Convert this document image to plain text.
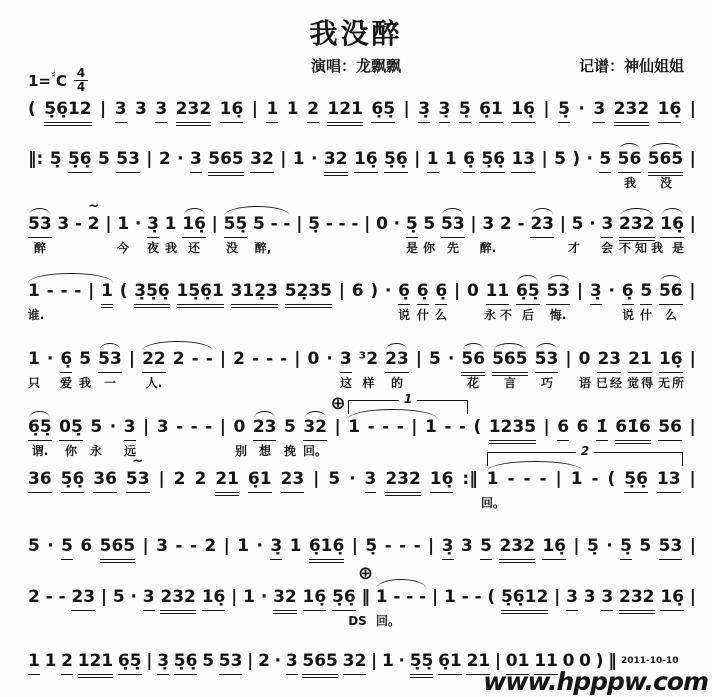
我没醉
演唱：龙飘飘	记谱：神仙姐姐
1= ♯ C $\frac{4}{4}$
2011-10-10
www.hpppw.com
( 5̣6̣12 | 3 3 3 232 16̣ | 1 1 2 121 6̣5̣ | 3̣ 3̣ 5̣ 6̣1 16̣ | 5̣ · 3 232 16̣ |
‖: 5̣ 5̣6̣ 5 53 | 2 · 3 565 32 | 1 · 32 16̣ 5̣6̣ | 1 1 6̣ 5̣6̣ 13 | 5 ) · 5 56 565 |
我 没
53 3 - ~ 2 | 1 · 3̣ 1 16̣ | 55̣ 5 - - | 5̣ - - - | 0 · 5̣ 5 53 | 3 2 - 23 | 5 · 3 232 16̣ |
醉	今 夜 我 还 没 醉,	是 你 先 醉.	才 会 不 知 我 是
1 - - - | 1 ( 3̣5̣6̣ 15̣6̣1 312̣3 52̣35 | 6 ) · 6̣ 6̣ 6̣ | 0 11 6̣5̣ 53 | 3̣ · 6̣ 5 56 |
谁.	说 什 么	永 不 后 悔.	说 什 么
1 · 6̣ 5 53 | 22 2 - - | 2 - - - | 0 · 3 ³2 23 | 5 · 56 565 53 | 0 23 21 16̣ |
只 爱 我 一 人.	这 样 的	花 言 巧 语 已 经 觉 得 无 所
6̣5̣ 05̣ 5 · 3 | 3 - - - | 0 23 5 32 | 1 - - - | 1 - - ( 1235 | 6 6 1̇ 61̇6 56 |
谓. 你 永 远	别 想 挽 回。
⊕	1
36 5̣6̣ 36 ~ 53 | 2 2 21 6̣1 23 | 5 · 3 232 16̣ :‖ 1 - - - | 1 - ( 5̣6̣ 13 |
回。
2
5 · 5 6 565 | 3 - - 2 | 1 · 3̣ 1 6̣16̣ | 5̣ - - - | 3̣ 3 5 232 16̣ | 5̣ · 5̣ 5 53 |
2 - - 23 | 5 · 3 232 16̣ | 1 · 32 16̣ 5̣6̣ ‖ 1 - - - | 1 - - ( 5̣6̣12 | 3 3 3 232 16̣ |
DS 回。
⊕
1 1 2 121 6̣5̣ | 3̣ 5̣6̣ 5 53 | 2 · 3 565 32 | 1 · 5̣5̣ 6̣1 21 | 01 11 0 0 ) ‖
